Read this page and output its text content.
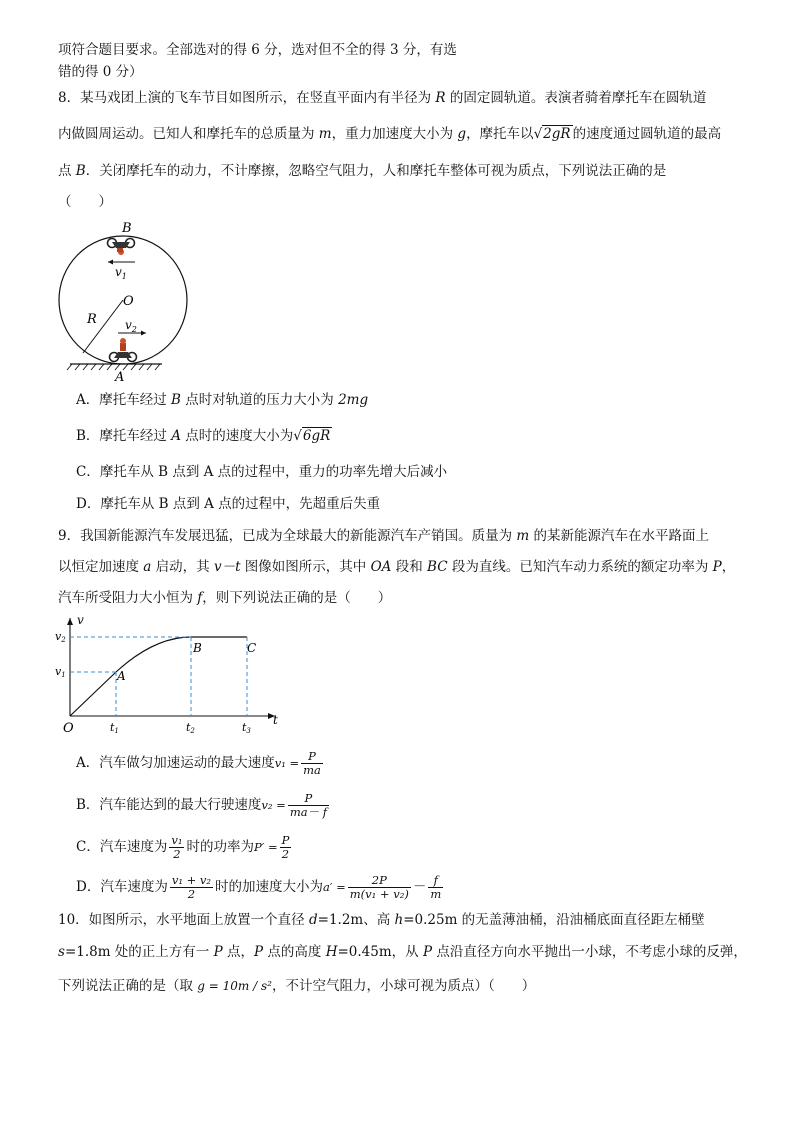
项符合题目要求。全部选对的得 6 分，选对但不全的得 3 分，有选
错的得 0 分）
8．某马戏团上演的飞车节目如图所示，在竖直平面内有半径为 R 的固定圆轨道。表演者骑着摩托车在圆轨道
内做圆周运动。已知人和摩托车的总质量为 m，重力加速度大小为 g，摩托车以√2gR 的速度通过圆轨道的最高
点 B．关闭摩托车的动力，不计摩擦，忽略空气阻力，人和摩托车整体可视为质点，下列说法正确的是
（　　）
$v_1$
$v_2$
B
O
R
A
A．摩托车经过 B 点时对轨道的压力大小为 2mg
B．摩托车经过 A 点时的速度大小为√6gR
C．摩托车从 B 点到 A 点的过程中，重力的功率先增大后减小
D．摩托车从 B 点到 A 点的过程中，先超重后失重
9．我国新能源汽车发展迅猛，已成为全球最大的新能源汽车产销国。质量为 m 的某新能源汽车在水平路面上
以恒定加速度 a 启动，其 v－t 图像如图所示，其中 OA 段和 BC 段为直线。已知汽车动力系统的额定功率为 P，
汽车所受阻力大小恒为 f，则下列说法正确的是（　　）
v
t
O
v2
v1	A
B	C
t1	t2	t3
A．汽车做匀加速运动的最大速度$v_1 = \frac{P}{ma}$
B．汽车能达到的最大行驶速度$v_2 = \frac{P}{ma- f}$
C．汽车速度为 $\frac{\text{v₁}}{2}$ 时的功率为$P' = \frac{P}{2}$
D．汽车速度为 $\frac{\text{v₁ + v₂}}{2}$ 时的加速度大小为$a' = \frac{2P}{\text{m(v₁ + v₂)}} - \frac{f}{m}$
10．如图所示，水平地面上放置一个直径 d=1.2m、高 h=0.25m 的无盖薄油桶，沿油桶底面直径距左桶壁
s=1.8m 处的正上方有一 P 点，P 点的高度 H=0.45m，从 P 点沿直径方向水平抛出一小球，不考虑小球的反弹，
下列说法正确的是（取 g = 10m / s²，不计空气阻力，小球可视为质点）（　　）
